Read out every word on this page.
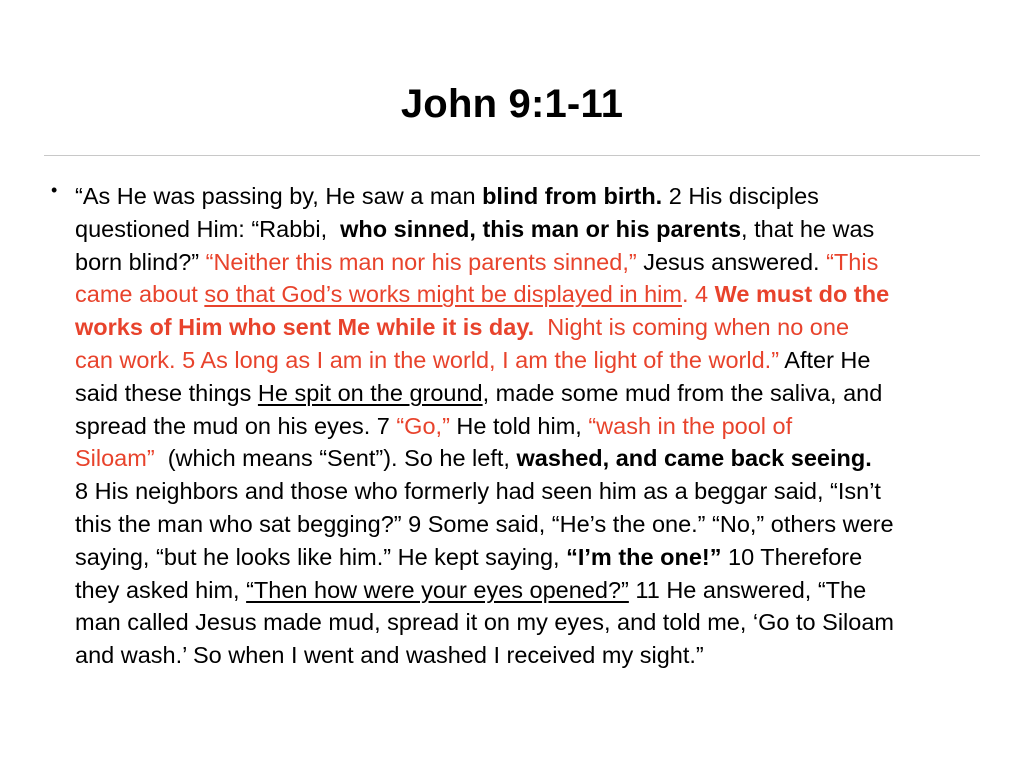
John 9:1-11
• “As He was passing by, He saw a man blind from birth. 2 His disciples
questioned Him: “Rabbi,  who sinned, this man or his parents, that he was
born blind?” “Neither this man nor his parents sinned,” Jesus answered. “This
came about so that God’s works might be displayed in him. 4 We must do the
works of Him who sent Me while it is day.  Night is coming when no one
can work. 5 As long as I am in the world, I am the light of the world.” After He
said these things He spit on the ground, made some mud from the saliva, and
spread the mud on his eyes. 7 “Go,” He told him, “wash in the pool of
Siloam”  (which means “Sent”). So he left, washed, and came back seeing.
8 His neighbors and those who formerly had seen him as a beggar said, “Isn’t
this the man who sat begging?” 9 Some said, “He’s the one.” “No,” others were
saying, “but he looks like him.” He kept saying, “I’m the one!” 10 Therefore
they asked him, “Then how were your eyes opened?” 11 He answered, “The
man called Jesus made mud, spread it on my eyes, and told me, ‘Go to Siloam
and wash.’ So when I went and washed I received my sight.”
